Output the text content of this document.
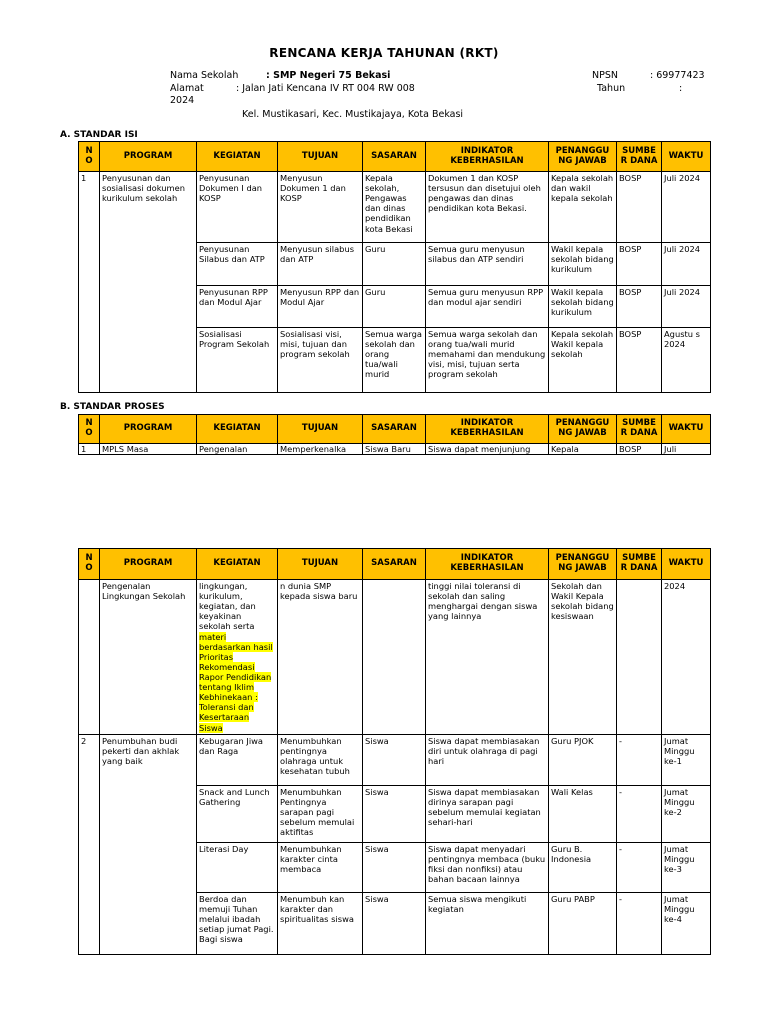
RENCANA KERJA TAHUNAN (RKT)
Nama Sekolah	: SMP Negeri 75 Bekasi	NPSN	: 69977423
Alamat	: Jalan Jati Kencana IV RT 004 RW 008	Tahun	:
2024
Kel. Mustikasari, Kec. Mustikajaya, Kota Bekasi
A. STANDAR ISI
N O	PROGRAM	KEGIATAN	TUJUAN	SASARAN	INDIKATOR KEBERHASILAN	PENANGGU NG JAWAB	SUMBE R DANA	WAKTU
1	Penyusunan dan sosialisasi dokumen kurikulum sekolah	Penyusunan Dokumen I dan KOSP	Menyusun Dokumen 1 dan KOSP	Kepala sekolah, Pengawas dan dinas pendidikan kota Bekasi	Dokumen 1 dan KOSP tersusun dan disetujui oleh pengawas dan dinas pendidikan kota Bekasi.	Kepala sekolah dan wakil kepala sekolah	BOSP	Juli 2024
		Penyusunan Silabus dan ATP	Menyusun silabus dan ATP	Guru	Semua guru menyusun silabus dan ATP sendiri	Wakil kepala sekolah bidang kurikulum	BOSP	Juli 2024
		Penyusunan RPP dan Modul Ajar	Menyusun RPP dan Modul Ajar	Guru	Semua guru menyusun RPP dan modul ajar sendiri	Wakil kepala sekolah bidang kurikulum	BOSP	Juli 2024
		Sosialisasi Program Sekolah	Sosialisasi visi, misi, tujuan dan program sekolah	Semua warga sekolah dan orang tua/wali murid	Semua warga sekolah dan orang tua/wali murid memahami dan mendukung visi, misi, tujuan serta program sekolah	Kepala sekolah Wakil kepala sekolah	BOSP	Agustu s 2024
B. STANDAR PROSES
N O	PROGRAM	KEGIATAN	TUJUAN	SASARAN	INDIKATOR KEBERHASILAN	PENANGGU NG JAWAB	SUMBE R DANA	WAKTU
1	MPLS Masa	Pengenalan	Memperkenalka	Siswa Baru	Siswa dapat menjunjung	Kepala	BOSP	Juli
N O	PROGRAM	KEGIATAN	TUJUAN	SASARAN	INDIKATOR KEBERHASILAN	PENANGGU NG JAWAB	SUMBE R DANA	WAKTU
	Pengenalan Lingkungan Sekolah	lingkungan, kurikulum, kegiatan, dan keyakinan sekolah serta materi berdasarkan hasil Prioritas Rekomendasi Rapor Pendidikan tentang Iklim Kebhinekaan : Toleransi dan Kesertaraan Siswa	n dunia SMP kepada siswa baru		tinggi nilai toleransi di sekolah dan saling menghargai dengan siswa yang lainnya	Sekolah dan Wakil Kepala sekolah bidang kesiswaan		2024
2	Penumbuhan budi pekerti dan akhlak yang baik	Kebugaran Jiwa dan Raga	Menumbuhkan pentingnya olahraga untuk kesehatan tubuh	Siswa	Siswa dapat membiasakan diri untuk olahraga di pagi hari	Guru PJOK	-	Jumat Minggu ke-1
		Snack and Lunch Gathering	Menumbuhkan Pentingnya sarapan pagi sebelum memulai aktifitas	Siswa	Siswa dapat membiasakan dirinya sarapan pagi sebelum memulai kegiatan sehari-hari	Wali Kelas	-	Jumat Minggu ke-2
		Literasi Day	Menumbuhkan karakter cinta membaca	Siswa	Siswa dapat menyadari pentingnya membaca (buku fiksi dan nonfiksi) atau bahan bacaan lainnya	Guru B. Indonesia	-	Jumat Minggu ke-3
		Berdoa dan memuji Tuhan melalui ibadah setiap jumat Pagi. Bagi siswa	Menumbuh kan karakter dan spiritualitas siswa	Siswa	Semua siswa mengikuti kegiatan	Guru PABP	-	Jumat Minggu ke-4
